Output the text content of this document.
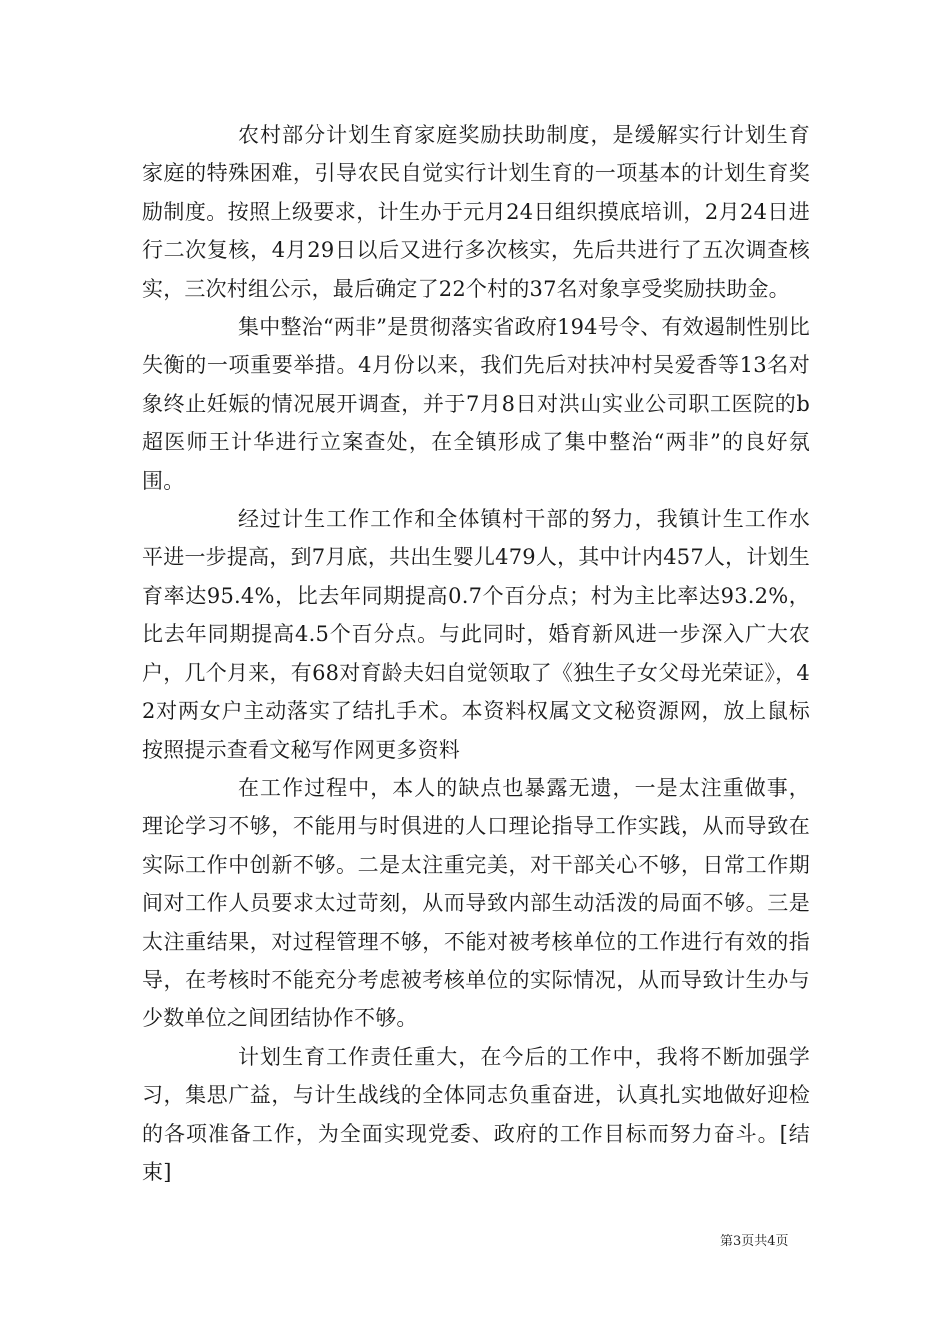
农村部分计划生育家庭奖励扶助制度，是缓解实行计划生育家庭的特殊困难，引导农民自觉实行计划生育的一项基本的计划生育奖励制度。按照上级要求，计生办于元月24日组织摸底培训，2月24日进行二次复核，4月29日以后又进行多次核实，先后共进行了五次调查核实，三次村组公示，最后确定了22个村的37名对象享受奖励扶助金。

集中整治“两非”是贯彻落实省政府194号令、有效遏制性别比失衡的一项重要举措。4月份以来，我们先后对扶冲村吴爱香等13名对象终止妊娠的情况展开调查，并于7月8日对洪山实业公司职工医院的b超医师王计华进行立案查处，在全镇形成了集中整治“两非”的良好氛围。

经过计生工作工作和全体镇村干部的努力，我镇计生工作水平进一步提高，到7月底，共出生婴儿479人，其中计内457人，计划生育率达95.4%，比去年同期提高0.7个百分点；村为主比率达93.2%，比去年同期提高4.5个百分点。与此同时，婚育新风进一步深入广大农户，几个月来，有68对育龄夫妇自觉领取了《独生子女父母光荣证》，42对两女户主动落实了结扎手术。本资料权属文文秘资源网，放上鼠标按照提示查看文秘写作网更多资料

在工作过程中，本人的缺点也暴露无遗，一是太注重做事，理论学习不够，不能用与时俱进的人口理论指导工作实践，从而导致在实际工作中创新不够。二是太注重完美，对干部关心不够，日常工作期间对工作人员要求太过苛刻，从而导致内部生动活泼的局面不够。三是太注重结果，对过程管理不够，不能对被考核单位的工作进行有效的指导，在考核时不能充分考虑被考核单位的实际情况，从而导致计生办与少数单位之间团结协作不够。

计划生育工作责任重大，在今后的工作中，我将不断加强学习，集思广益，与计生战线的全体同志负重奋进，认真扎实地做好迎检的各项准备工作，为全面实现党委、政府的工作目标而努力奋斗。[结束]

第3页共4页
